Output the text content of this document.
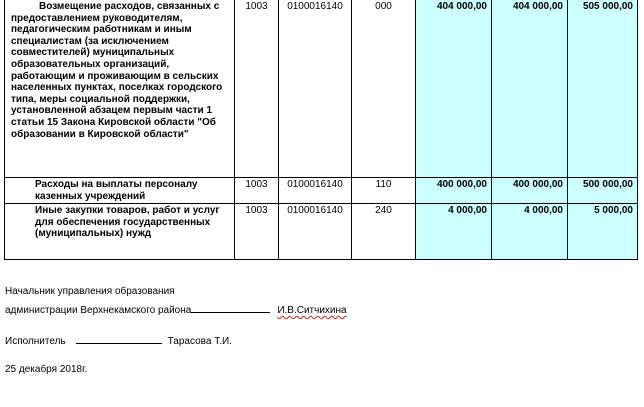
Возмещение расходов, связанных с предоставлением руководителям, педагогическим работникам и иным специалистам (за исключением совместителей) муниципальных образовательных организаций, работающим и проживающим в сельских населенных пунктах, поселках городского типа, меры социальной поддержки, установленной абзацем первым части 1 статьи 15 Закона Кировской области "Об образовании в Кировской области"	1003	0100016140	000	404 000,00	404 000,00	505 000,00
Расходы на выплаты персоналу казенных учреждений	1003	0100016140	110	400 000,00	400 000,00	500 000,00
Иные закупки товаров, работ и услуг для обеспечения государственных (муниципальных) нужд	1003	0100016140	240	4 000,00	4 000,00	5 000,00
Начальник управления образования
администрации Верхнекамского района	И.В.Ситчихина
Исполнитель	Тарасова Т.И.
25 декабря 2018г.
